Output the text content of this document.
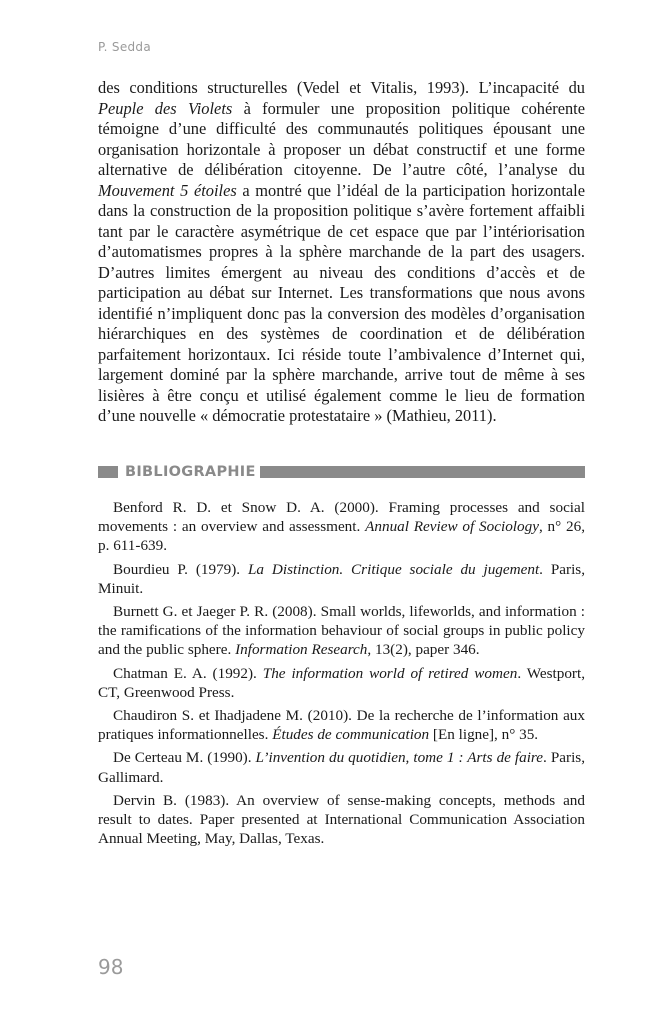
P. Sedda

des conditions structurelles (Vedel et Vitalis, 1993). L’incapacité du Peuple des Violets à formuler une proposition politique cohérente témoigne d’une difficulté des communautés politiques épousant une organisation horizontale à proposer un débat constructif et une forme alternative de délibération citoyenne. De l’autre côté, l’analyse du Mouvement 5 étoiles a montré que l’idéal de la participation horizontale dans la construction de la proposition politique s’avère fortement affaibli tant par le caractère asymétrique de cet espace que par l’intériorisation d’automatismes propres à la sphère marchande de la part des usagers. D’autres limites émergent au niveau des conditions d’accès et de participation au débat sur Internet. Les transformations que nous avons identifié n’impliquent donc pas la conversion des modèles d’organisation hiérarchiques en des systèmes de coordination et de délibération parfaitement horizontaux. Ici réside toute l’ambivalence d’Internet qui, largement dominé par la sphère marchande, arrive tout de même à ses lisières à être conçu et utilisé également comme le lieu de formation d’une nouvelle « démocratie protestataire » (Mathieu, 2011).

BIBLIOGRAPHIE

Benford R. D. et Snow D. A. (2000). Framing processes and social movements : an overview and assessment. Annual Review of Sociology, n° 26, p. 611-639.

Bourdieu P. (1979). La Distinction. Critique sociale du jugement. Paris, Minuit.

Burnett G. et Jaeger P. R. (2008). Small worlds, lifeworlds, and information : the ramifications of the information behaviour of social groups in public policy and the public sphere. Information Research, 13(2), paper 346.

Chatman E. A. (1992). The information world of retired women. Westport, CT, Greenwood Press.

Chaudiron S. et Ihadjadene M. (2010). De la recherche de l’information aux pratiques informationnelles. Études de communication [En ligne], n° 35.

De Certeau M. (1990). L’invention du quotidien, tome 1 : Arts de faire. Paris, Gallimard.

Dervin B. (1983). An overview of sense-making concepts, methods and result to dates. Paper presented at International Communication Association Annual Meeting, May, Dallas, Texas.

98
